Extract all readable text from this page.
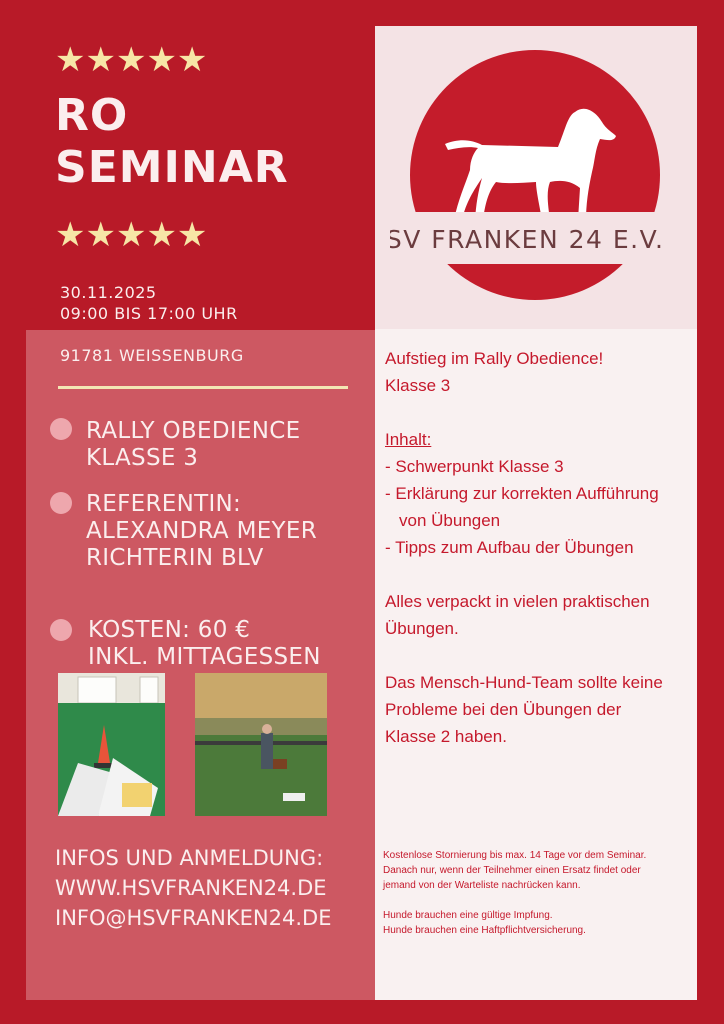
★★★★★
RO
SEMINAR
★★★★★
30.11.2025
09:00 BIS 17:00 UHR
HSV FRANKEN 24 E.V.
91781 WEISSENBURG
RALLY OBEDIENCE
KLASSE 3
REFERENTIN:
ALEXANDRA MEYER
RICHTERIN BLV
KOSTEN: 60 €
INKL. MITTAGESSEN
INFOS UND ANMELDUNG:
WWW.HSVFRANKEN24.DE
INFO@HSVFRANKEN24.DE
Aufstieg im Rally Obedience!
Klasse 3
Inhalt:
- Schwerpunkt Klasse 3
- Erklärung zur korrekten Aufführung
von Übungen
- Tipps zum Aufbau der Übungen
Alles verpackt in vielen praktischen
Übungen.
Das Mensch-Hund-Team sollte keine
Probleme bei den Übungen der
Klasse 2 haben.
Kostenlose Stornierung bis max. 14 Tage vor dem Seminar.
Danach nur, wenn der Teilnehmer einen Ersatz findet oder
jemand von der Warteliste nachrücken kann.
Hunde brauchen eine gültige Impfung.
Hunde brauchen eine Haftpflichtversicherung.
